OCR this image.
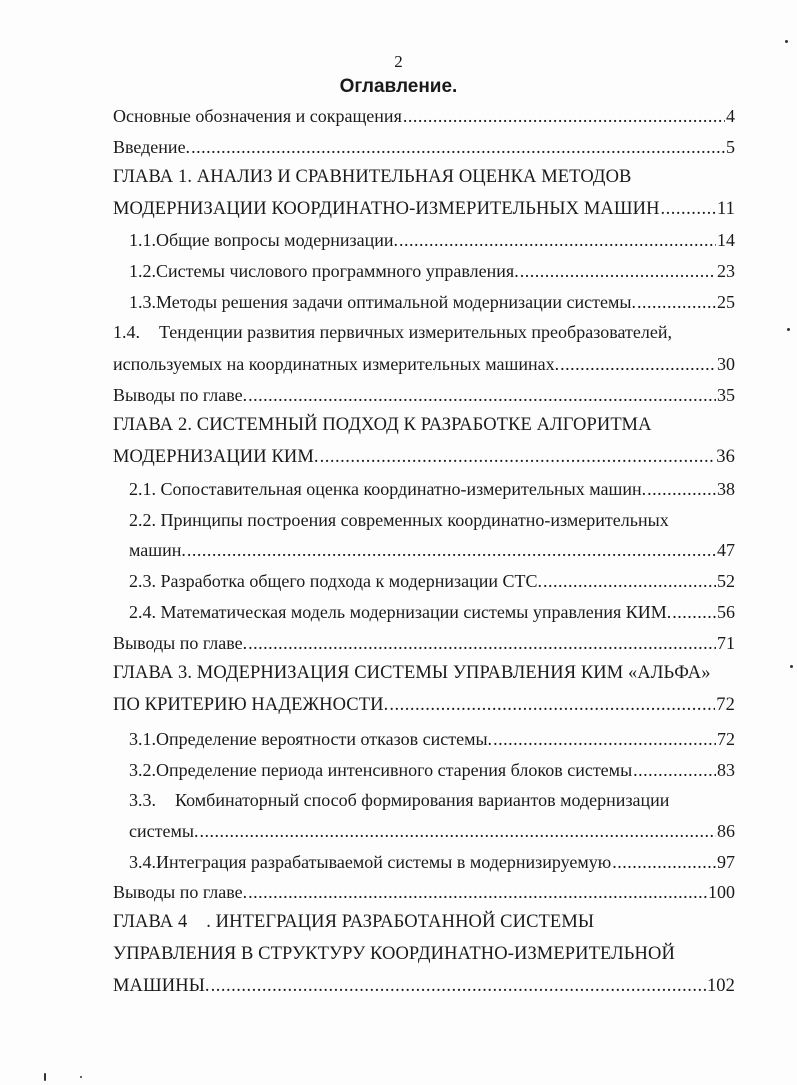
2
Оглавление.
Основные обозначения и сокращения .....	4
Введение. .....	5
ГЛАВА 1. АНАЛИЗ И СРАВНИТЕЛЬНАЯ ОЦЕНКА МЕТОДОВ
МОДЕРНИЗАЦИИ КООРДИНАТНО-ИЗМЕРИТЕЛЬНЫХ МАШИН .....	11
1.1. Общие вопросы модернизации. .....	14
1.2. Системы числового программного управления. .....	23
1.3. Методы решения задачи оптимальной модернизации системы. .....	25
1.4.	Тенденции развития первичных измерительных преобразователей,
используемых на координатных измерительных машинах. .....	30
Выводы по главе. .....	35
ГЛАВА 2. СИСТЕМНЫЙ ПОДХОД К РАЗРАБОТКЕ АЛГОРИТМА
МОДЕРНИЗАЦИИ КИМ. .....	36
2.1. Сопоставительная оценка координатно-измерительных машин. .....	38
2.2. Принципы построения современных координатно-измерительных
машин. .....	47
2.3. Разработка общего подхода к модернизации СТС. .....	52
2.4. Математическая модель модернизации системы управления КИМ. .....	56
Выводы по главе. .....	71
ГЛАВА 3. МОДЕРНИЗАЦИЯ СИСТЕМЫ УПРАВЛЕНИЯ КИМ «АЛЬФА»
ПО КРИТЕРИЮ НАДЕЖНОСТИ. .....	72
3.1. Определение вероятности отказов системы. .....	72
3.2. Определение периода интенсивного старения блоков системы .....	83
3.3.	Комбинаторный способ формирования вариантов модернизации
системы. .....	86
3.4. Интеграция разрабатываемой системы в модернизируемую .....	97
Выводы по главе. .....	100
ГЛАВА 4    . ИНТЕГРАЦИЯ РАЗРАБОТАННОЙ СИСТЕМЫ
УПРАВЛЕНИЯ В СТРУКТУРУ КООРДИНАТНО-ИЗМЕРИТЕЛЬНОЙ
МАШИНЫ. .....	102
